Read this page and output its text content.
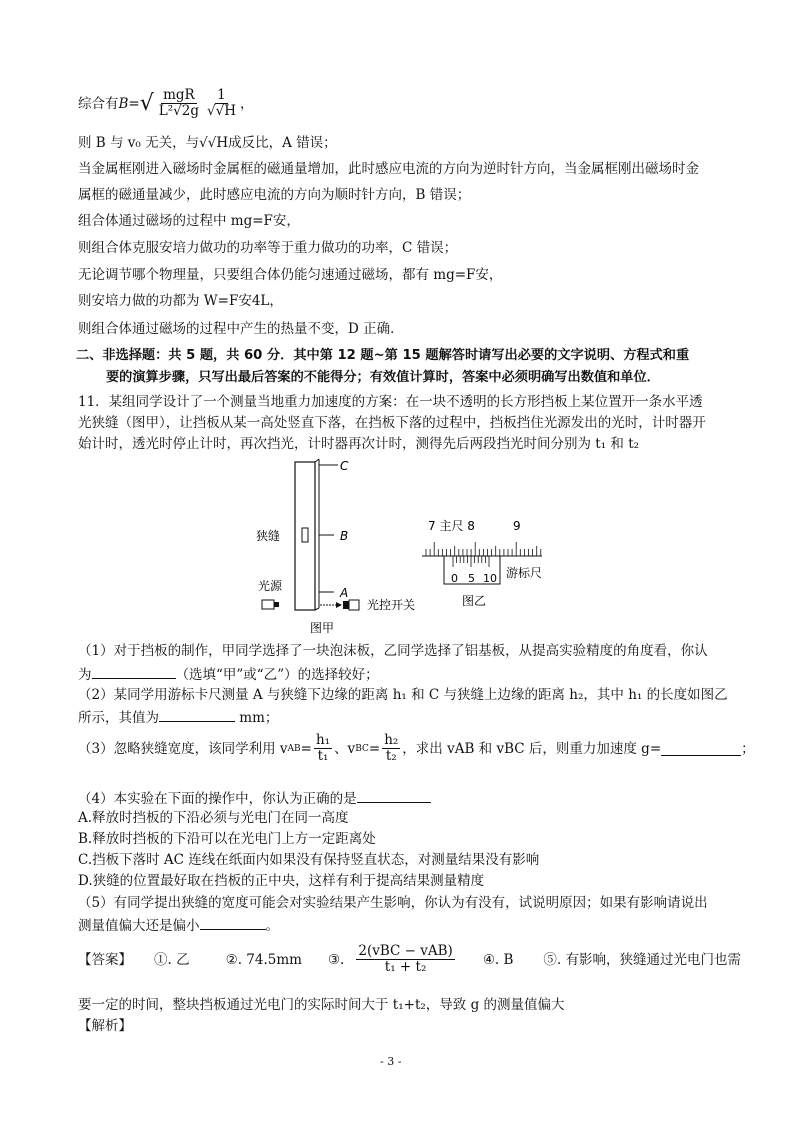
综合有 B= √ $\frac{\text{mgR}}{\text{L²√2g}} \frac{1}{√√H}$ ，
则 B 与 v₀ 无关，与√√H成反比，A 错误；
当金属框刚进入磁场时金属框的磁通量增加，此时感应电流的方向为逆时针方向，当金属框刚出磁场时金
属框的磁通量减少，此时感应电流的方向为顺时针方向，B 错误；
组合体通过磁场的过程中 mg=F安，
则组合体克服安培力做功的功率等于重力做功的功率，C 错误；
无论调节哪个物理量，只要组合体仍能匀速通过磁场，都有 mg=F安，
则安培力做的功都为 W=F安4L，
则组合体通过磁场的过程中产生的热量不变，D 正确．
二、非选择题：共 5 题，共 60 分．其中第 12 题~第 15 题解答时请写出必要的文字说明、方程式和重
要的演算步骤，只写出最后答案的不能得分；有效值计算时，答案中必须明确写出数值和单位．
11．某组同学设计了一个测量当地重力加速度的方案：在一块不透明的长方形挡板上某位置开一条水平透
光狭缝（图甲），让挡板从某一高处竖直下落，在挡板下落的过程中，挡板挡住光源发出的光时，计时器开
始计时，透光时停止计时，再次挡光，计时器再次计时，测得先后两段挡光时间分别为 t₁ 和 t₂
C
B
A
狭缝
光源
光控开关
图甲
7 主尺 8	9
0 5 10 游标尺
图乙
（1）对于挡板的制作，甲同学选择了一块泡沫板，乙同学选择了铝基板，从提高实验精度的角度看，你认
为	（选填“甲”或“乙”）的选择较好；
（2）某同学用游标卡尺测量 A 与狭缝下边缘的距离 h₁ 和 C 与狭缝上边缘的距离 h₂，其中 h₁ 的长度如图乙
所示，其值为	mm；
（3）忽略狭缝宽度，该同学利用 v AB = $\frac{\text{h₁}}{\text{t₁}}$ 、v BC = $\frac{\text{h₂}}{\text{t₂}}$ ，求出 vAB 和 vBC 后，则重力加速度 g=	；
（4）本实验在下面的操作中，你认为正确的是
A.释放时挡板的下沿必须与光电门在同一高度
B.释放时挡板的下沿可以在光电门上方一定距离处
C.挡板下落时 AC 连线在纸面内如果没有保持竖直状态，对测量结果没有影响
D.狭缝的位置最好取在挡板的正中央，这样有利于提高结果测量精度
（5）有同学提出狭缝的宽度可能会对实验结果产生影响，你认为有没有，试说明原因；如果有影响请说出
测量值偏大还是偏小	。
【答案】 ①. 乙	②. 74.5mm ③. $\frac{\text{2(vBC − vAB)}}{\text{t₁ + t₂}}$ ④. B ⑤. 有影响，狭缝通过光电门也需
要一定的时间，整块挡板通过光电门的实际时间大于 t₁+t₂，导致 g 的测量值偏大
【解析】
- 3 -
